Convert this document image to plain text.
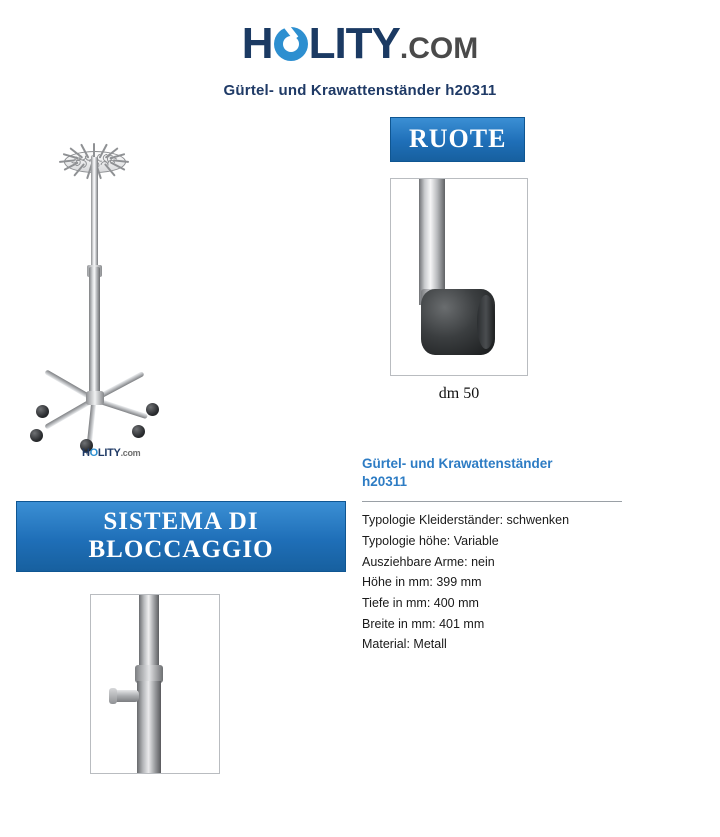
H LITY.COM
Gürtel- und Krawattenständer h20311
HOLITY.com
SISTEMA DI BLOCCAGGIO
RUOTE
dm 50
Gürtel- und Krawattenständer
h20311
Typologie Kleiderständer: schwenken
Typologie höhe: Variable
Ausziehbare Arme: nein
Höhe in mm: 399 mm
Tiefe in mm: 400 mm
Breite in mm: 401 mm
Material: Metall
